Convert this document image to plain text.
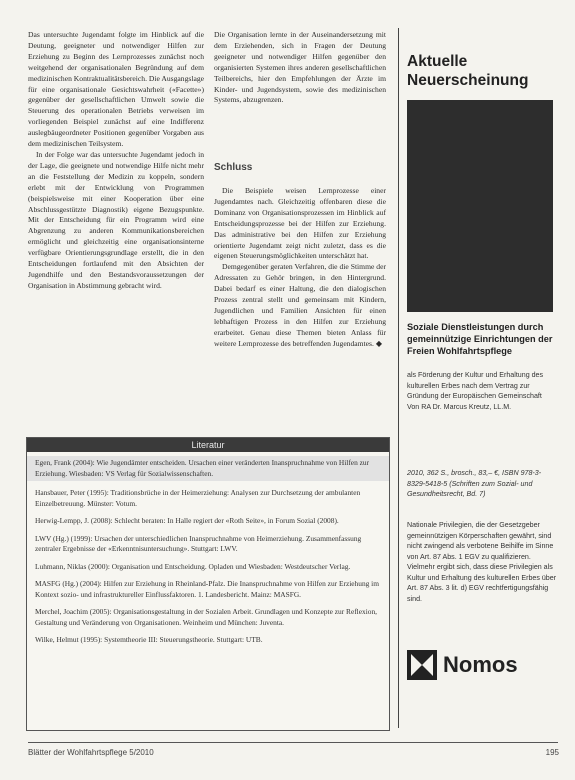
Das untersuchte Jugendamt folgte im Hinblick auf die Deutung, geeigneter und notwendiger Hilfen zur Erziehung zu Beginn des Lernprozesses zunächst noch weitgehend der organisationalen Begründung auf dem medizinischen Kontraktualitätsbereich. Die Ausgangslage für eine organisationale Gesichtswahrheit («Facette») gegenüber der gesellschaftlichen Umwelt sowie die Steuerung des operationalen Betriebs verweisen im vorliegenden Beispiel zunächst auf eine Indifferenz auslegbäugeordneter Positionen gegenüber Vorgaben aus dem medizinischen Teilsystem.

In der Folge war das untersuchte Jugendamt jedoch in der Lage, die geeignete und notwendige Hilfe nicht mehr an die Feststellung der Medizin zu koppeln, sondern erlebt mit der Entwicklung von Programmen (beispielsweise mit einer Kooperation über eine Abschlussgestützte Diagnostik) eigene Bezugspunkte. Mit der Entscheidung für ein Programm wird eine Abgrenzung zu anderen Kommunikationsbereichen ermöglicht und gleichzeitig eine organisationsinterne verfügbare Orientierungsgrundlage erstellt, die in den Entscheidungen fortlaufend mit den Absichten der Jugendhilfe und den Bestandsvoraussetzungen der Organisation in Abstimmung gebracht wird.

Die Organisation lernte in der Auseinandersetzung mit dem Erziehenden, sich in Fragen der Deutung geeigneter und notwendiger Hilfen gegenüber den organisierten Systemen ihres anderen gesellschaftlichen Teilbereichs, hier den Empfehlungen der Ärzte im Kinder- und Jugendsystem, sowie des medizinischen Systems, abzugrenzen.

Schluss

Die Beispiele weisen Lernprozesse einer Jugendamtes nach. Gleichzeitig offenbaren diese die Dominanz von Organisationsprozessen im Hinblick auf Entscheidungsprozesse bei der Hilfen zur Erziehung. Das administrative bei den Hilfen zur Erziehung orientierte Jugendamt zeigt nicht zuletzt, dass es die eigenen Steuerungsmöglichkeiten unterschätzt hat.

Demgegenüber geraten Verfahren, die die Stimme der Adressaten zu Gehör bringen, in den Hintergrund. Dabei bedarf es einer Haltung, die den dialogischen Prozess zentral stellt und gemeinsam mit Kindern, Jugendlichen und Familien Ansichten für einen lebhaftigen Prozess in den Hilfen zur Erziehung erarbeitet. Genau diese Themen bieten Anlass für weitere Lernprozesse des betreffenden Jugendamtes. ◆

Literatur
Egen, Frank (2004): Wie Jugendämter entscheiden. Ursachen einer veränderten Inanspruchnahme von Hilfen zur Erziehung. Wiesbaden: VS Verlag für Sozialwissenschaften.
Hansbauer, Peter (1995): Traditionsbrüche in der Heimerziehung: Analysen zur Durchsetzung der ambulanten Einzelbetreuung. Münster: Votum.
Herwig-Lempp, J. (2008): Schlecht beraten: In Halle regiert der «Roth Seite», in Forum Sozial (2008).
LWV (Hg.) (1999): Ursachen der unterschiedlichen Inanspruchnahme von Heimerziehung. Zusammenfassung zentraler Ergebnisse der «Erkenntnisuntersuchung». Stuttgart: LWV.
Luhmann, Niklas (2000): Organisation und Entscheidung. Opladen und Wiesbaden: Westdeutscher Verlag.
MASFG (Hg.) (2004): Hilfen zur Erziehung in Rheinland-Pfalz. Die Inanspruchnahme von Hilfen zur Erziehung im Kontext sozio- und infrastruktureller Einflussfaktoren. 1. Landesbericht. Mainz: MASFG.
Merchel, Joachim (2005): Organisationsgestaltung in der Sozialen Arbeit. Grundlagen und Konzepte zur Reflexion, Gestaltung und Veränderung von Organisationen. Weinheim und München: Juventa.
Wilke, Helmut (1995): Systemtheorie III: Steuerungstheorie. Stuttgart: UTB.
Aktuelle
Neuerscheinung
Soziale Dienstleistungen durch gemeinnützige Einrichtungen der Freien Wohlfahrtspflege
als Förderung der Kultur und Erhaltung des kulturellen Erbes nach dem Vertrag zur Gründung der Europäischen Gemeinschaft
Von RA Dr. Marcus Kreutz, LL.M.
2010, 362 S., brosch., 83,– €, ISBN 978-3-8329-5418-5 (Schriften zum Sozial- und Gesundheitsrecht, Bd. 7)
Nationale Privilegien, die der Gesetzgeber gemeinnützigen Körperschaften gewährt, sind nicht zwingend als verbotene Beihilfe im Sinne von Art. 87 Abs. 1 EGV zu qualifizieren. Vielmehr ergibt sich, dass diese Privilegien als Kultur und Erhaltung des kulturellen Erbes über Art. 87 Abs. 3 lit. d) EGV rechtfertigungsfähig sind.
Nomos
Blätter der Wohlfahrtspflege 5/2010	195
